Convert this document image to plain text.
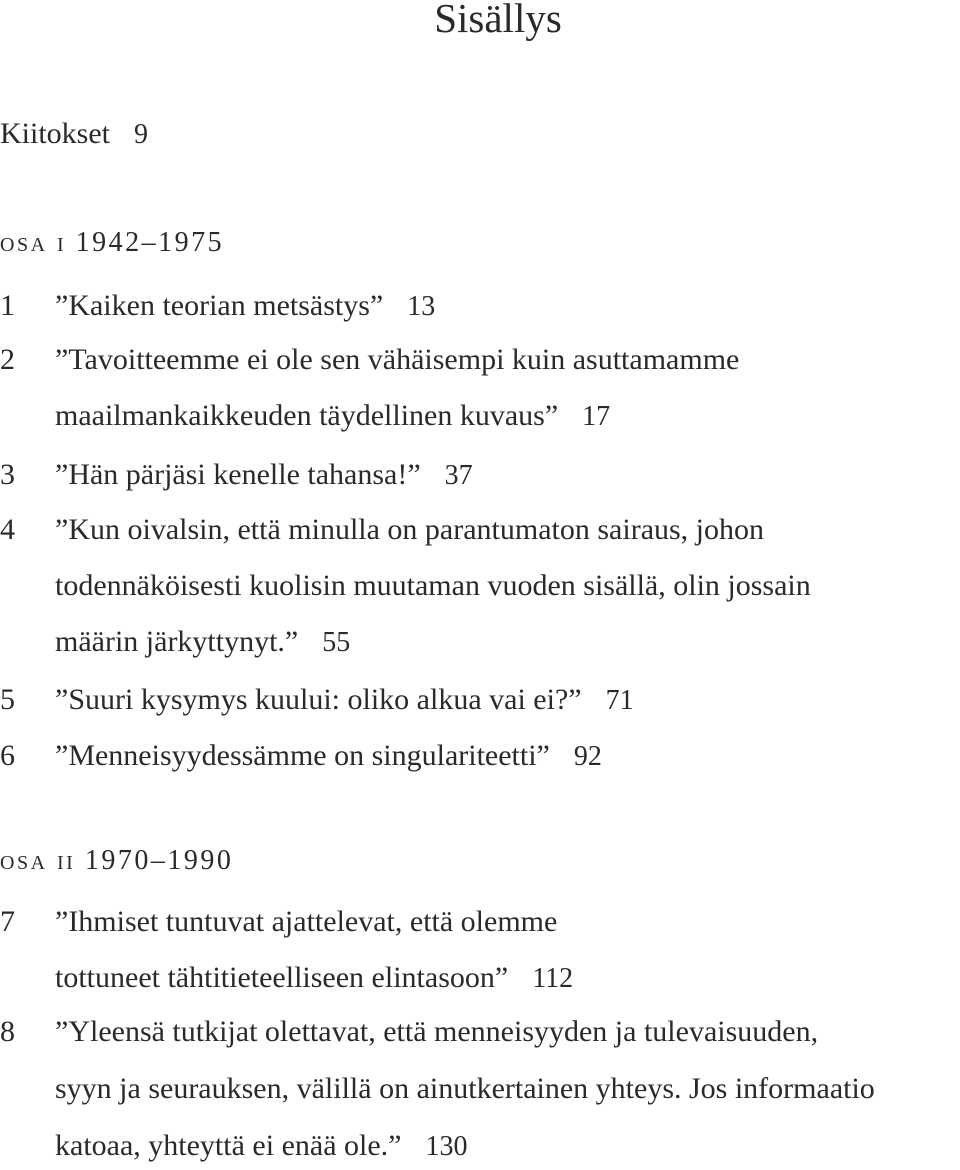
Sisällys
Kiitokset 9
osa i 1942–1975
1 ”Kaiken teorian metsästys” 13
2 ”Tavoitteemme ei ole sen vähäisempi kuin asuttamamme
maailmankaikkeuden täydellinen kuvaus” 17
3 ”Hän pärjäsi kenelle tahansa!” 37
4 ”Kun oivalsin, että minulla on parantumaton sairaus, johon
todennäköisesti kuolisin muutaman vuoden sisällä, olin jossain
määrin järkyttynyt.” 55
5 ”Suuri kysymys kuului: oliko alkua vai ei?” 71
6 ”Menneisyydessämme on singulariteetti” 92
osa ii 1970–1990
7 ”Ihmiset tuntuvat ajattelevat, että olemme
tottuneet tähtitieteelliseen elintasoon” 112
8 ”Yleensä tutkijat olettavat, että menneisyyden ja tulevaisuuden,
syyn ja seurauksen, välillä on ainutkertainen yhteys. Jos informaatio
katoaa, yhteyttä ei enää ole.” 130
